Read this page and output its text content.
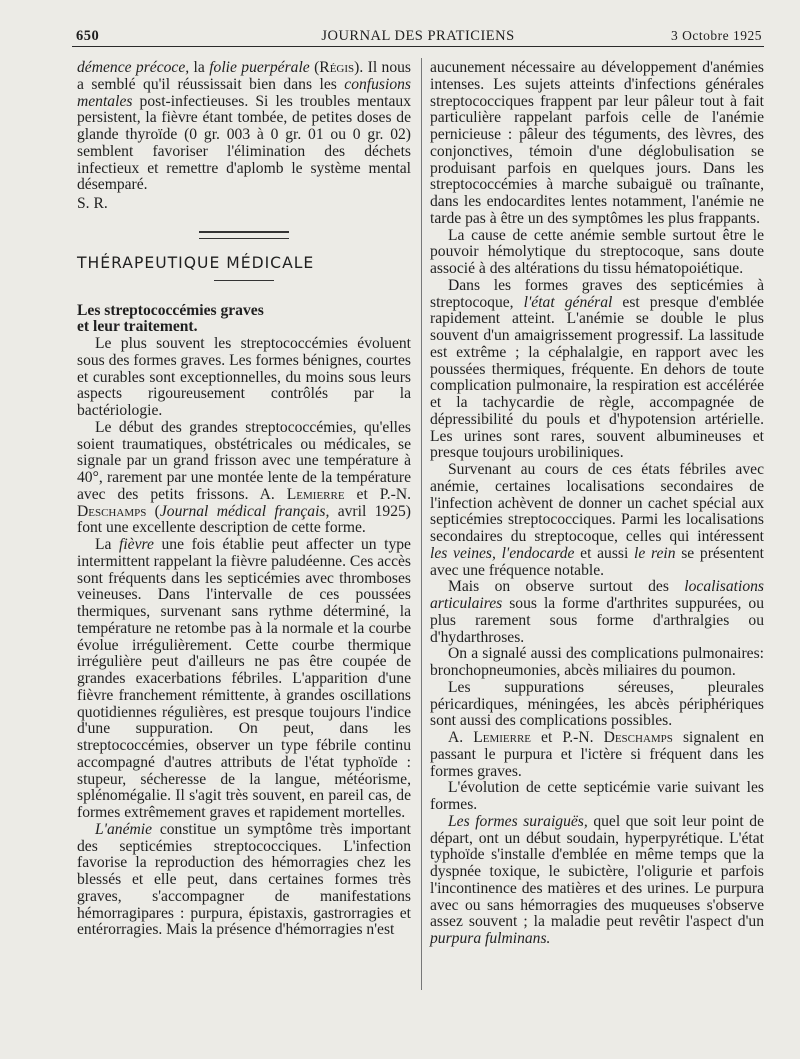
650	JOURNAL DES PRATICIENS	3 Octobre 1925

démence précoce, la folie puerpérale (Régis). Il nous a semblé qu'il réussissait bien dans les confusions mentales post-infectieuses. Si les troubles mentaux persistent, la fièvre étant tombée, de petites doses de glande thyroïde (0 gr. 003 à 0 gr. 01 ou 0 gr. 02) semblent favoriser l'élimination des déchets infectieux et remettre d'aplomb le système mental désemparé.

S. R.

THÉRAPEUTIQUE MÉDICALE

Les streptococcémies graves
et leur traitement.

Le plus souvent les streptococcémies évoluent sous des formes graves. Les formes bénignes, courtes et curables sont exceptionnelles, du moins sous leurs aspects rigoureusement contrôlés par la bactériologie.

Le début des grandes streptococcémies, qu'elles soient traumatiques, obstétricales ou médicales, se signale par un grand frisson avec une température à 40°, rarement par une montée lente de la température avec des petits frissons. A. Lemierre et P.-N. Deschamps (Journal médical français, avril 1925) font une excellente description de cette forme.

La fièvre une fois établie peut affecter un type intermittent rappelant la fièvre paludéenne. Ces accès sont fréquents dans les septicémies avec thromboses veineuses. Dans l'intervalle de ces poussées thermiques, survenant sans rythme déterminé, la température ne retombe pas à la normale et la courbe évolue irrégulièrement. Cette courbe thermique irrégulière peut d'ailleurs ne pas être coupée de grandes exacerbations fébriles. L'apparition d'une fièvre franchement rémittente, à grandes oscillations quotidiennes régulières, est presque toujours l'indice d'une suppuration. On peut, dans les streptococcémies, observer un type fébrile continu accompagné d'autres attributs de l'état typhoïde : stupeur, sécheresse de la langue, météorisme, splénomégalie. Il s'agit très souvent, en pareil cas, de formes extrêmement graves et rapidement mortelles.

L'anémie constitue un symptôme très important des septicémies streptococciques. L'infection favorise la reproduction des hémorragies chez les blessés et elle peut, dans certaines formes très graves, s'accompagner de manifestations hémorragipares : purpura, épistaxis, gastrorragies et entérorragies. Mais la présence d'hémorragies n'est

aucunement nécessaire au développement d'anémies intenses. Les sujets atteints d'infections générales streptococciques frappent par leur pâleur tout à fait particulière rappelant parfois celle de l'anémie pernicieuse : pâleur des téguments, des lèvres, des conjonctives, témoin d'une déglobulisation se produisant parfois en quelques jours. Dans les streptococcémies à marche subaiguë ou traînante, dans les endocardites lentes notamment, l'anémie ne tarde pas à être un des symptômes les plus frappants.

La cause de cette anémie semble surtout être le pouvoir hémolytique du streptocoque, sans doute associé à des altérations du tissu hématopoiétique.

Dans les formes graves des septicémies à streptocoque, l'état général est presque d'emblée rapidement atteint. L'anémie se double le plus souvent d'un amaigrissement progressif. La lassitude est extrême ; la céphalalgie, en rapport avec les poussées thermiques, fréquente. En dehors de toute complication pulmonaire, la respiration est accélérée et la tachycardie de règle, accompagnée de dépressibilité du pouls et d'hypotension artérielle. Les urines sont rares, souvent albumineuses et presque toujours urobiliniques.

Survenant au cours de ces états fébriles avec anémie, certaines localisations secondaires de l'infection achèvent de donner un cachet spécial aux septicémies streptococciques. Parmi les localisations secondaires du streptocoque, celles qui intéressent les veines, l'endocarde et aussi le rein se présentent avec une fréquence notable.

Mais on observe surtout des localisations articulaires sous la forme d'arthrites suppurées, ou plus rarement sous forme d'arthralgies ou d'hydarthroses.

On a signalé aussi des complications pulmonaires: bronchopneumonies, abcès miliaires du poumon.

Les suppurations séreuses, pleurales péricardiques, méningées, les abcès périphériques sont aussi des complications possibles.

A. Lemierre et P.-N. Deschamps signalent en passant le purpura et l'ictère si fréquent dans les formes graves.

L'évolution de cette septicémie varie suivant les formes.

Les formes suraiguës, quel que soit leur point de départ, ont un début soudain, hyperpyrétique. L'état typhoïde s'installe d'emblée en même temps que la dyspnée toxique, le subictère, l'oligurie et parfois l'incontinence des matières et des urines. Le purpura avec ou sans hémorragies des muqueuses s'observe assez souvent ; la maladie peut revêtir l'aspect d'un purpura fulminans.
